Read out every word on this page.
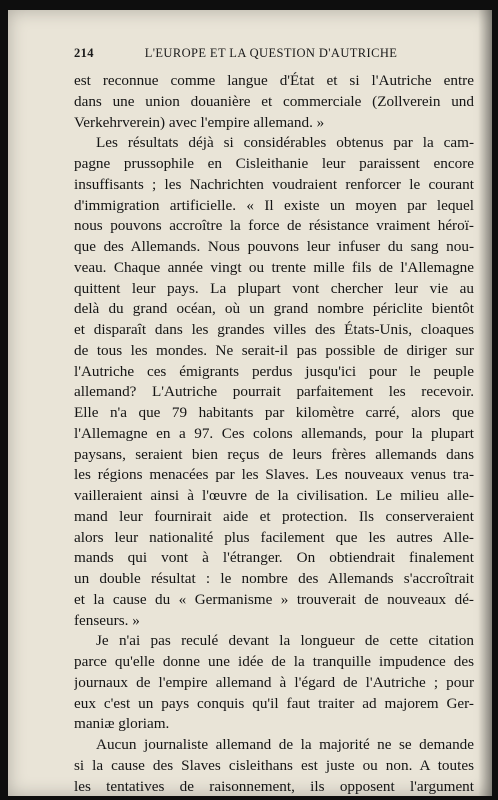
214	L'EUROPE ET LA QUESTION D'AUTRICHE
est reconnue comme langue d'État et si l'Autriche entre
dans une union douanière et commerciale (Zollverein und
Verkehrverein) avec l'empire allemand. »
Les résultats déjà si considérables obtenus par la cam-
pagne prussophile en Cisleithanie leur paraissent encore
insuffisants ; les Nachrichten voudraient renforcer le courant
d'immigration artificielle. « Il existe un moyen par lequel
nous pouvons accroître la force de résistance vraiment héroï-
que des Allemands. Nous pouvons leur infuser du sang nou-
veau. Chaque année vingt ou trente mille fils de l'Allemagne
quittent leur pays. La plupart vont chercher leur vie au
delà du grand océan, où un grand nombre périclite bientôt
et disparaît dans les grandes villes des États-Unis, cloaques
de tous les mondes. Ne serait-il pas possible de diriger sur
l'Autriche ces émigrants perdus jusqu'ici pour le peuple
allemand? L'Autriche pourrait parfaitement les recevoir.
Elle n'a que 79 habitants par kilomètre carré, alors que
l'Allemagne en a 97. Ces colons allemands, pour la plupart
paysans, seraient bien reçus de leurs frères allemands dans
les régions menacées par les Slaves. Les nouveaux venus tra-
vailleraient ainsi à l'œuvre de la civilisation. Le milieu alle-
mand leur fournirait aide et protection. Ils conserveraient
alors leur nationalité plus facilement que les autres Alle-
mands qui vont à l'étranger. On obtiendrait finalement
un double résultat : le nombre des Allemands s'accroîtrait
et la cause du « Germanisme » trouverait de nouveaux dé-
fenseurs. »
Je n'ai pas reculé devant la longueur de cette citation
parce qu'elle donne une idée de la tranquille impudence des
journaux de l'empire allemand à l'égard de l'Autriche ; pour
eux c'est un pays conquis qu'il faut traiter ad majorem Ger-
maniæ gloriam.
Aucun journaliste allemand de la majorité ne se demande
si la cause des Slaves cisleithans est juste ou non. A toutes
les tentatives de raisonnement, ils opposent l'argument
